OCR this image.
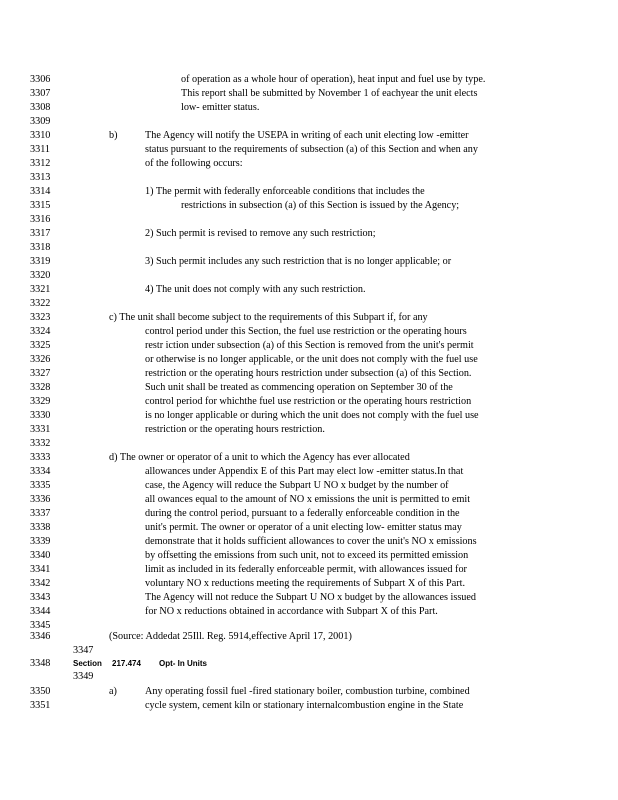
3306	of operation as a whole hour of operation), heat input and fuel use by type.
3307	This report shall be submitted by November 1 of eachyear the unit elects
3308	low- emitter status.
3309
3310	b)	The Agency will notify the USEPA in writing of each unit electing low -emitter
3311	status pursuant to the requirements of subsection (a) of this Section and when any
3312	of the following occurs:
3313
3314	1) The permit with federally enforceable conditions that includes the
3315	restrictions in subsection (a) of this Section is issued by the Agency;
3316
3317	2) Such permit is revised to remove any such restriction;
3318
3319	3) Such permit includes any such restriction that is no longer applicable; or
3320
3321	4) The unit does not comply with any such restriction.
3322
3323	c) The unit shall become subject to the requirements of this Subpart if, for any
3324	control period under this Section, the fuel use restriction or the operating hours
3325	restr iction under subsection (a) of this Section is removed from the unit's permit
3326	or otherwise is no longer applicable, or the unit does not comply with the fuel use
3327	restriction or the operating hours restriction under subsection (a) of this Section.
3328	Such unit shall be treated as commencing operation on September 30 of the
3329	control period for whichthe fuel use restriction or the operating hours restriction
3330	is no longer applicable or during which the unit does not comply with the fuel use
3331	restriction or the operating hours restriction.
3332
3333	d) The owner or operator of a unit to which the Agency has ever allocated
3334	allowances under Appendix E of this Part may elect low -emitter status.In that
3335	case, the Agency will reduce the Subpart U NO x budget by the number of
3336	all owances equal to the amount of NO x emissions the unit is permitted to emit
3337	during the control period, pursuant to a federally enforceable condition in the
3338	unit's permit. The owner or operator of a unit electing low- emitter status may
3339	demonstrate that it holds sufficient allowances to cover the unit's NO x emissions
3340	by offsetting the emissions from such unit, not to exceed its permitted emission
3341	limit as included in its federally enforceable permit, with allowances issued for
3342	voluntary NO x reductions meeting the requirements of Subpart X of this Part.
3343	The Agency will not reduce the Subpart U NO x budget by the allowances issued
3344	for NO x reductions obtained in accordance with Subpart X of this Part.
3345
3346	(Source: Addedat 25Ill. Reg. 5914,effective April 17, 2001)
3347
3348	Section 217.474 Opt- In Units
3349
3350	a)	Any operating fossil fuel -fired stationary boiler, combustion turbine, combined
3351	cycle system, cement kiln or stationary internalcombustion engine in the State
